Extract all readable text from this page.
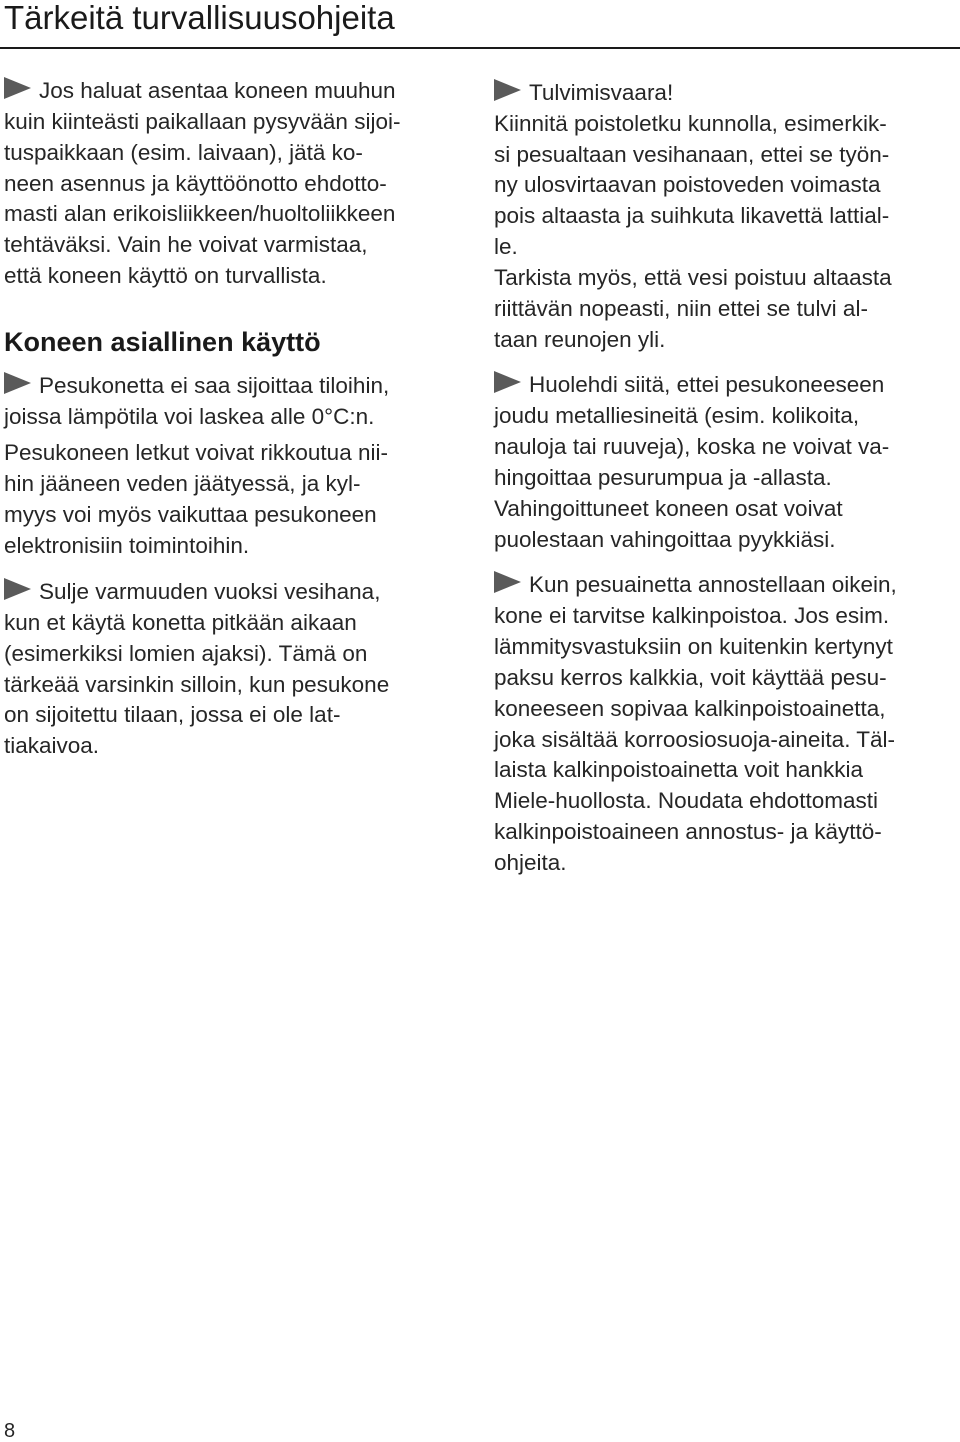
Tärkeitä turvallisuusohjeita
Jos haluat asentaa koneen muuhun
kuin kiinteästi paikallaan pysyvään sijoi-
tuspaikkaan (esim. laivaan), jätä ko-
neen asennus ja käyttöönotto ehdotto-
masti alan erikoisliikkeen/huoltoliikkeen
tehtäväksi. Vain he voivat varmistaa,
että koneen käyttö on turvallista.
Koneen asiallinen käyttö
Pesukonetta ei saa sijoittaa tiloihin,
joissa lämpötila voi laskea alle 0°C:n.
Pesukoneen letkut voivat rikkoutua nii-
hin jääneen veden jäätyessä, ja kyl-
myys voi myös vaikuttaa pesukoneen
elektronisiin toimintoihin.
Sulje varmuuden vuoksi vesihana,
kun et käytä konetta pitkään aikaan
(esimerkiksi lomien ajaksi). Tämä on
tärkeää varsinkin silloin, kun pesukone
on sijoitettu tilaan, jossa ei ole lat-
tiakaivoa.
Tulvimisvaara!
Kiinnitä poistoletku kunnolla, esimerkik-
si pesualtaan vesihanaan, ettei se työn-
ny ulosvirtaavan poistoveden voimasta
pois altaasta ja suihkuta likavettä lattial-
le.
Tarkista myös, että vesi poistuu altaasta
riittävän nopeasti, niin ettei se tulvi al-
taan reunojen yli.
Huolehdi siitä, ettei pesukoneeseen
joudu metalliesineitä (esim. kolikoita,
nauloja tai ruuveja), koska ne voivat va-
hingoittaa pesurumpua ja -allasta.
Vahingoittuneet koneen osat voivat
puolestaan vahingoittaa pyykkiäsi.
Kun pesuainetta annostellaan oikein,
kone ei tarvitse kalkinpoistoa. Jos esim.
lämmitysvastuksiin on kuitenkin kertynyt
paksu kerros kalkkia, voit käyttää pesu-
koneeseen sopivaa kalkinpoistoainetta,
joka sisältää korroosiosuoja-aineita. Täl-
laista kalkinpoistoainetta voit hankkia
Miele-huollosta. Noudata ehdottomasti
kalkinpoistoaineen annostus- ja käyttö-
ohjeita.
8
